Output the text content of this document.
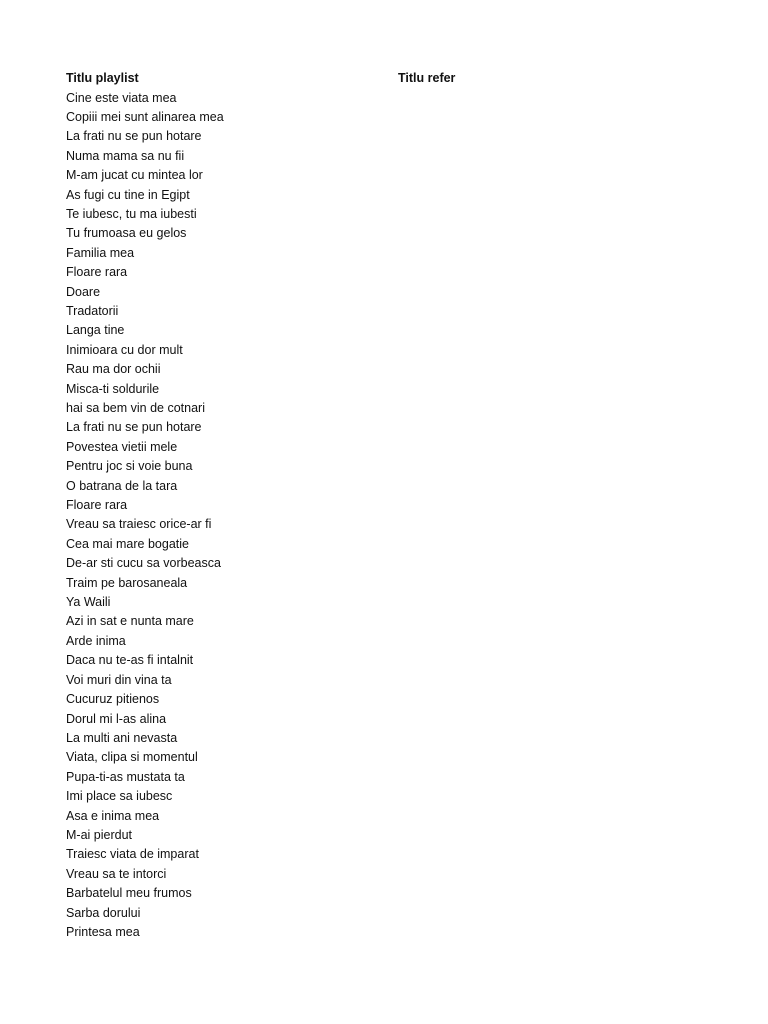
Titlu playlist	Titlu refer
Cine este viata mea
Copiii mei sunt alinarea mea
La frati nu se pun hotare
Numa mama sa nu fii
M-am jucat cu mintea lor
As fugi cu tine in Egipt
Te iubesc, tu ma iubesti
Tu frumoasa eu gelos
Familia mea
Floare rara
Doare
Tradatorii
Langa tine
Inimioara cu dor mult
Rau ma dor ochii
Misca-ti soldurile
hai sa bem vin de cotnari
La frati nu se pun hotare
Povestea vietii mele
Pentru joc si voie buna
O batrana de la tara
Floare rara
Vreau sa traiesc orice-ar fi
Cea mai mare bogatie
De-ar sti cucu sa vorbeasca
Traim pe barosaneala
Ya Waili
Azi in sat e nunta mare
Arde inima
Daca nu te-as fi intalnit
Voi muri din vina ta
Cucuruz pitienos
Dorul mi l-as alina
La multi ani nevasta
Viata, clipa si momentul
Pupa-ti-as mustata ta
Imi place sa iubesc
Asa e inima mea
M-ai pierdut
Traiesc viata de imparat
Vreau sa te intorci
Barbatelul meu frumos
Sarba dorului
Printesa mea
